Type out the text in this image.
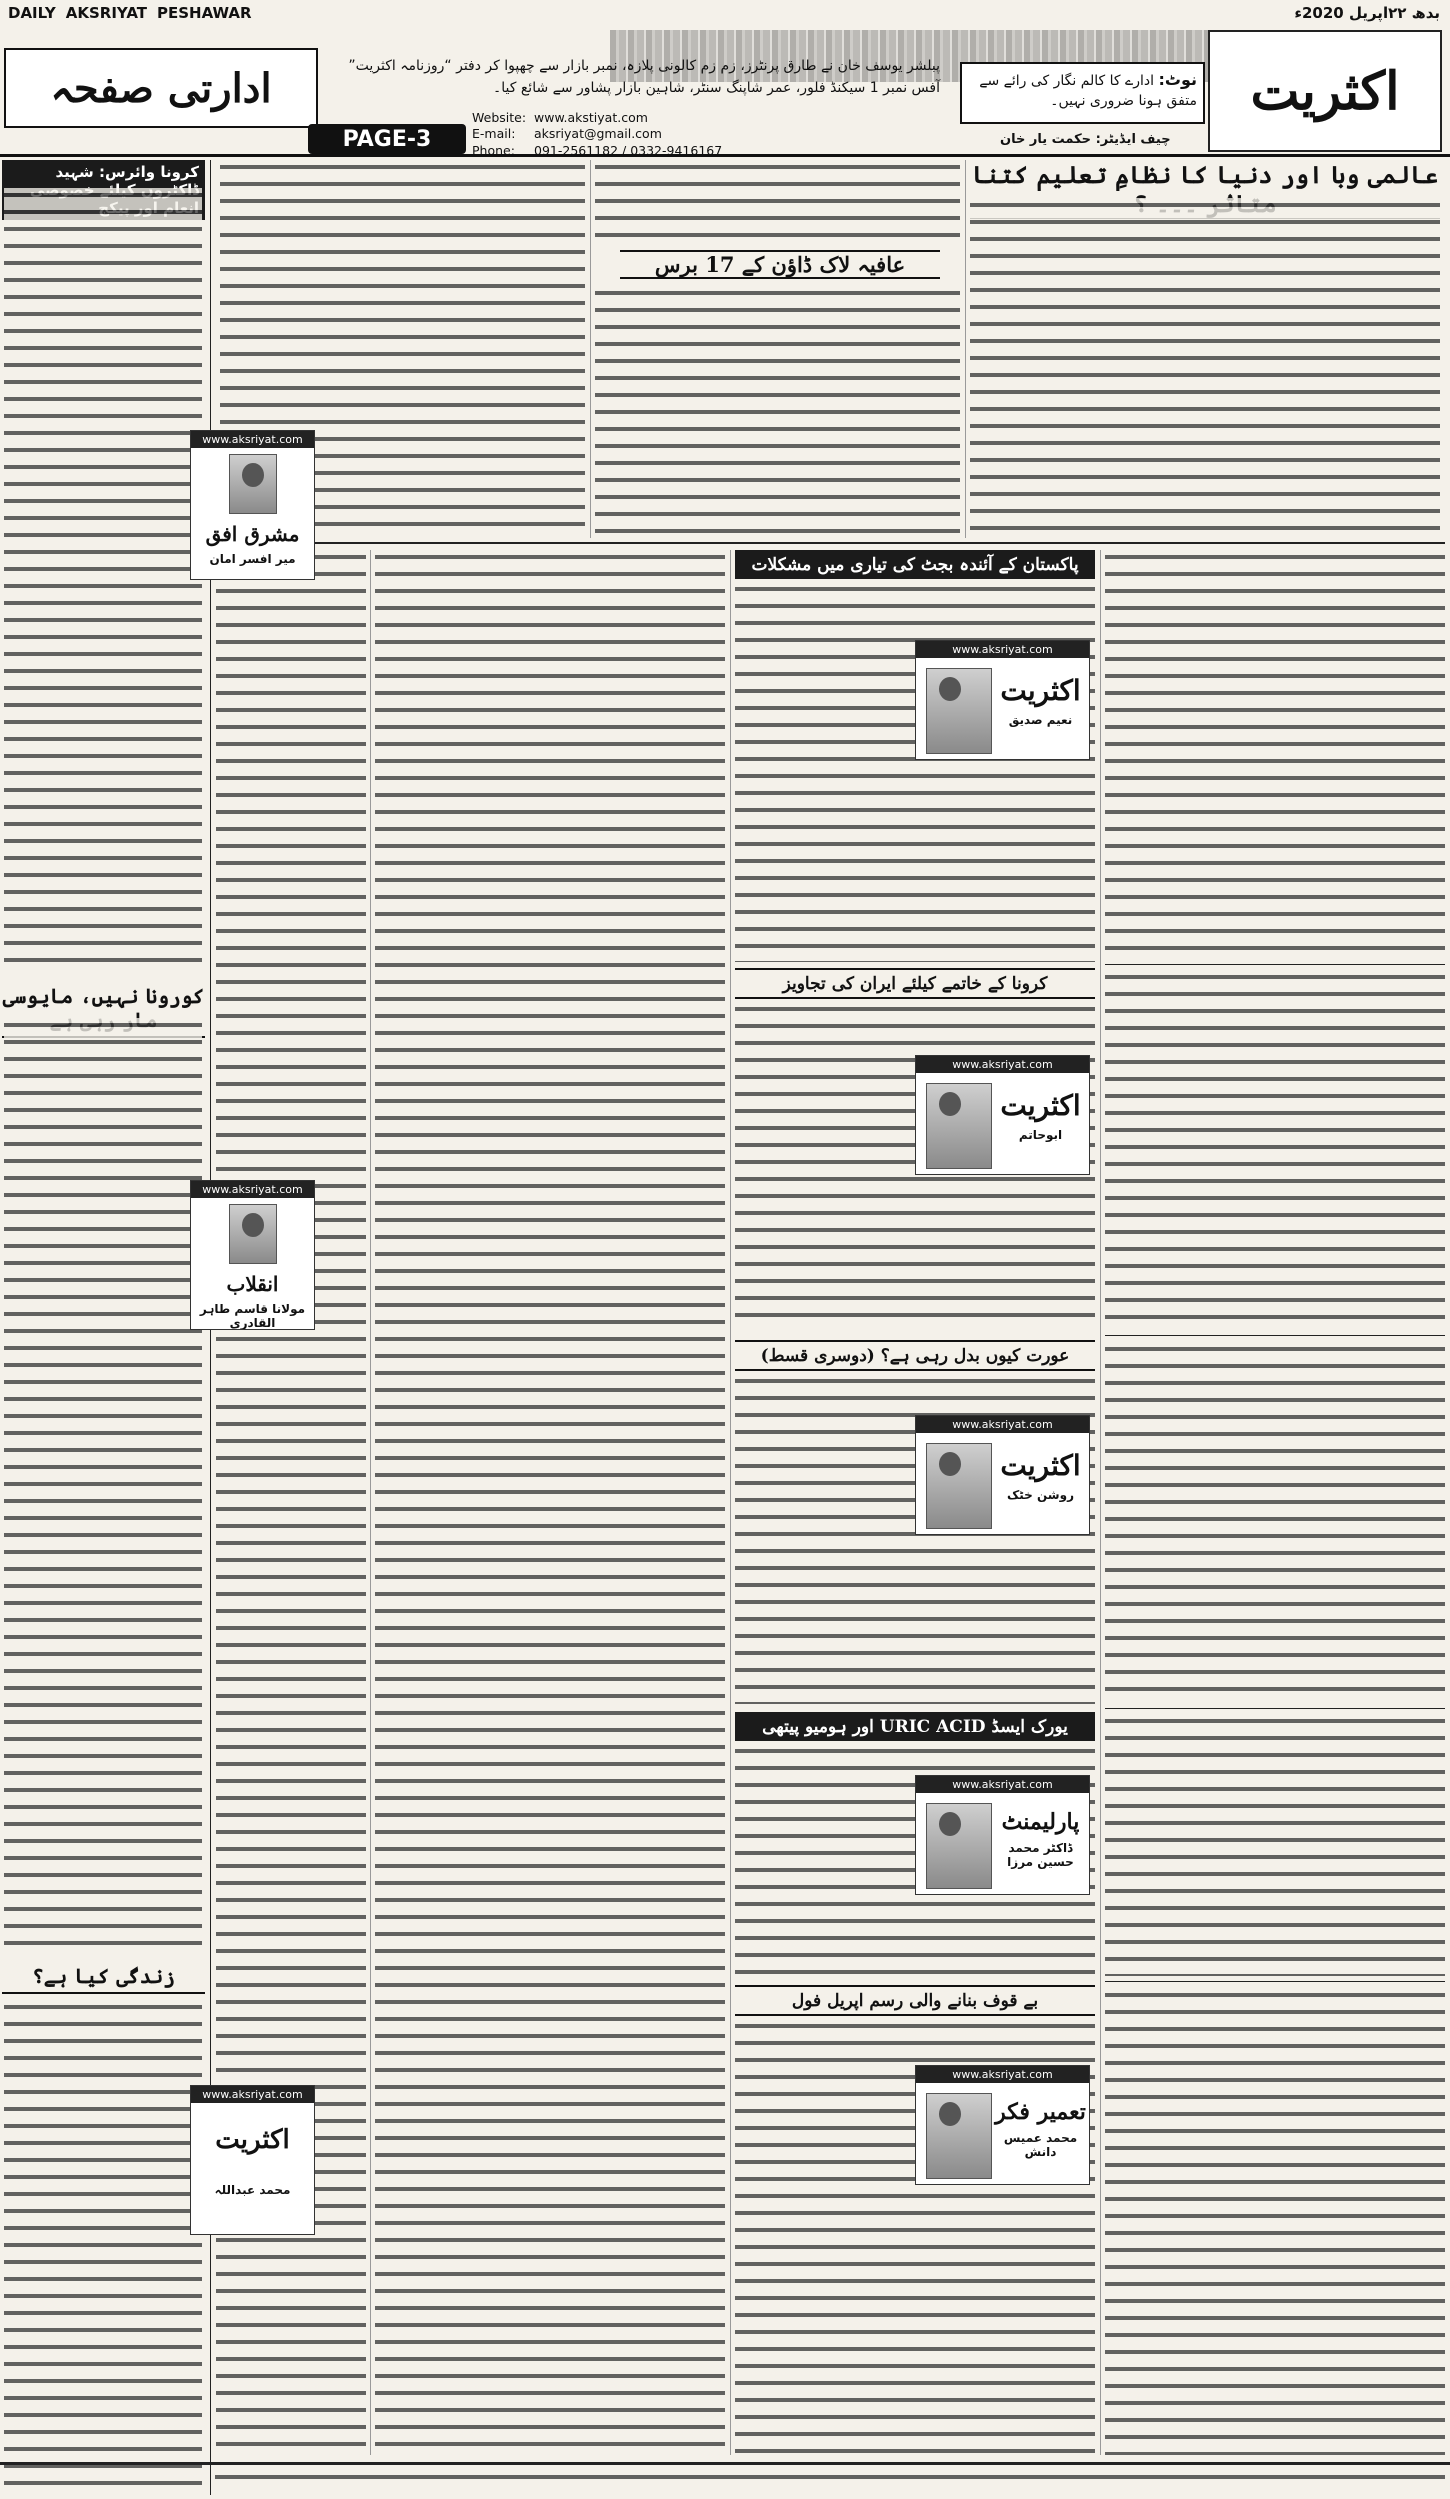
DAILY AKSRIYAT PESHAWAR	بدھ ۲۲اپریل 2020ء
اکثریت
نوٹ: ادارے کا کالم نگار کی رائے سے متفق ہونا ضروری نہیں۔
پبلشر یوسف خان نے طارق پرنٹرز، زم زم کالونی پلازہ، نمبر بازار سے چھپوا کر دفتر “روزنامہ اکثریت” آفس نمبر 1 سیکنڈ فلور، عمر شاپنگ سنٹر، شاہین بازار پشاور سے شائع کیا۔
ادارتی صفحہ
PAGE-3
Website: www.akstiyat.com
E-mail: aksriyat@gmail.com
Phone: 091-2561182 / 0332-9416167
چیف ایڈیٹر: حکمت یار خان
عالمی وبا اور دنیا کا نظامِ تعلیم کتنا
عافیہ لاک ڈاؤن کے 17 برس
کرونا وائرس: شہید
کورونا نہیں، مایوسی
زندگی کیا ہے؟
www.aksriyat.com
مشرق افق
میر افسر امان
www.aksriyat.com
انقلاب
مولانا قاسم طاہر القادری
www.aksriyat.com
اکثریت
محمد عبداللہ
پاکستان کے آئندہ بجٹ کی تیاری میں مشکلات
www.aksriyat.com
اکثریت
نعیم صدیق
کرونا کے خاتمے کیلئے ایران کی تجاویز
www.aksriyat.com
اکثریت
ابوحاتم
عورت کیوں بدل رہی ہے؟ (دوسری قسط)
www.aksriyat.com
اکثریت
روشن خٹک
یورک ایسڈ URIC ACID اور ہومیو پیتھی
www.aksriyat.com
پارلیمنٹ
ڈاکٹر محمد حسین مرزا
بے قوف بنانے والی رسم اپریل فول
www.aksriyat.com
تعمیر فکر
محمد عمیس دانش
